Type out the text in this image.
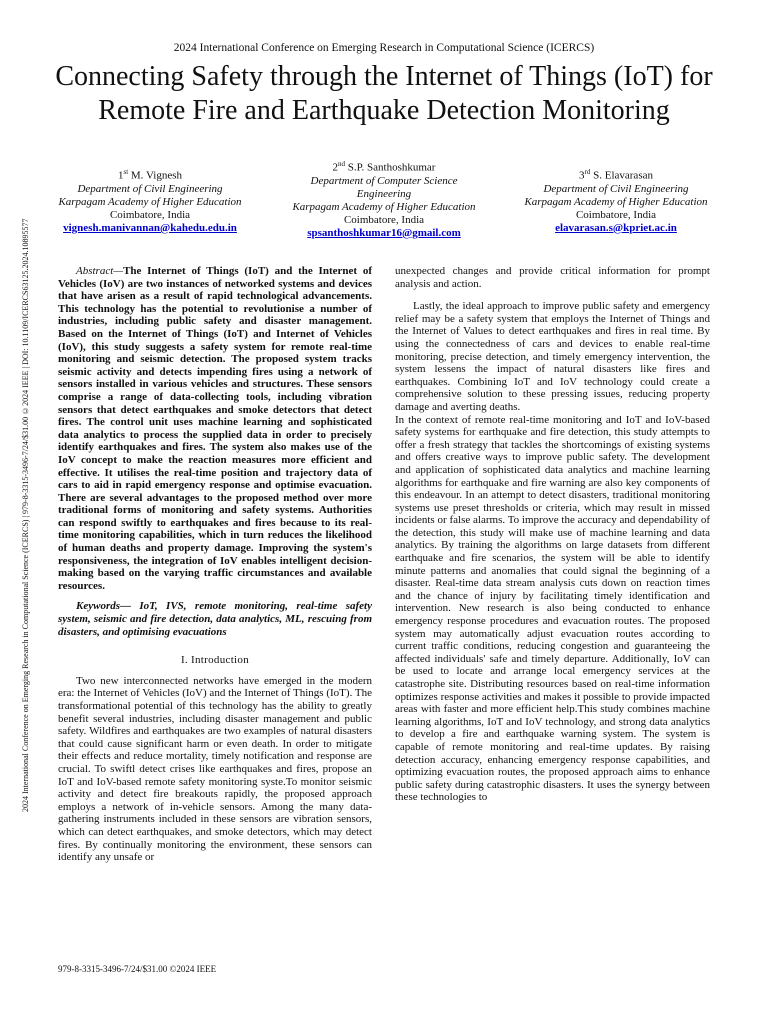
2024 International Conference on Emerging Research in Computational Science (ICERCS)
Connecting Safety through the Internet of Things (IoT) for Remote Fire and Earthquake Detection Monitoring
2024 International Conference on Emerging Research in Computational Science (ICERCS) | 979-8-3315-3496-7/24/$31.00 ©2024 IEEE | DOI: 10.1109/ICERCS63125.2024.10895577
1st M. Vignesh
Department of Civil Engineering
Karpagam Academy of Higher Education
Coimbatore, India
vignesh.manivannan@kahedu.edu.in
2nd S.P. Santhoshkumar
Department of Computer Science Engineering
Karpagam Academy of Higher Education
Coimbatore, India
spsanthoshkumar16@gmail.com
3rd S. Elavarasan
Department of Civil Engineering
Karpagam Academy of Higher Education
Coimbatore, India
elavarasan.s@kpriet.ac.in

Abstract—The Internet of Things (IoT) and the Internet of Vehicles (IoV) are two instances of networked systems and devices that have arisen as a result of rapid technological advancements. This technology has the potential to revolutionise a number of industries, including public safety and disaster management. Based on the Internet of Things (IoT) and Internet of Vehicles (IoV), this study suggests a safety system for remote real-time monitoring and seismic detection. The proposed system tracks seismic activity and detects impending fires using a network of sensors installed in various vehicles and structures. These sensors comprise a range of data-collecting tools, including vibration sensors that detect earthquakes and smoke detectors that detect fires. The control unit uses machine learning and sophisticated data analytics to process the supplied data in order to precisely identify earthquakes and fires. The system also makes use of the IoV concept to make the reaction measures more efficient and effective. It utilises the real-time position and trajectory data of cars to aid in rapid emergency response and optimise evacuation. There are several advantages to the proposed method over more traditional forms of monitoring and safety systems. Authorities can respond swiftly to earthquakes and fires because to its real-time monitoring capabilities, which in turn reduces the likelihood of human deaths and property damage. Improving the system's responsiveness, the integration of IoV enables intelligent decision-making based on the varying traffic circumstances and available resources.

Keywords— IoT, IVS, remote monitoring, real-time safety system, seismic and fire detection, data analytics, ML, rescuing from disasters, and optimising evacuations

I. Introduction

Two new interconnected networks have emerged in the modern era: the Internet of Vehicles (IoV) and the Internet of Things (IoT). The transformational potential of this technology has the ability to greatly benefit several industries, including disaster management and public safety. Wildfires and earthquakes are two examples of natural disasters that could cause significant harm or even death. In order to mitigate their effects and reduce mortality, timely notification and response are crucial. To swiftl detect crises like earthquakes and fires, propose an IoT and IoV-based remote safety monitoring syste.To monitor seismic activity and detect fire breakouts rapidly, the proposed approach employs a network of in-vehicle sensors. Among the many data-gathering instruments included in these sensors are vibration sensors, which can detect earthquakes, and smoke detectors, which may detect fires. By continually monitoring the environment, these sensors can identify any unsafe or

unexpected changes and provide critical information for prompt analysis and action.

Lastly, the ideal approach to improve public safety and emergency relief may be a safety system that employs the Internet of Things and the Internet of Values to detect earthquakes and fires in real time. By using the connectedness of cars and devices to enable real-time monitoring, precise detection, and timely emergency intervention, the system lessens the impact of natural disasters like fires and earthquakes. Combining IoT and IoV technology could create a comprehensive solution to these pressing issues, reducing property damage and averting deaths.

In the context of remote real-time monitoring and IoT and IoV-based safety systems for earthquake and fire detection, this study attempts to offer a fresh strategy that tackles the shortcomings of existing systems and offers creative ways to improve public safety. The development and application of sophisticated data analytics and machine learning algorithms for earthquake and fire warning are also key components of this endeavour. In an attempt to detect disasters, traditional monitoring systems use preset thresholds or criteria, which may result in missed incidents or false alarms. To improve the accuracy and dependability of the detection, this study will make use of machine learning and data analytics. By training the algorithms on large datasets from different earthquake and fire scenarios, the system will be able to identify minute patterns and anomalies that could signal the beginning of a disaster. Real-time data stream analysis cuts down on reaction times and the chance of injury by facilitating timely identification and intervention. New research is also being conducted to enhance emergency response procedures and evacuation routes. The proposed system may automatically adjust evacuation routes according to current traffic conditions, reducing congestion and guaranteeing the affected individuals' safe and timely departure. Additionally, IoV can be used to locate and arrange local emergency services at the catastrophe site. Distributing resources based on real-time information optimizes response activities and makes it possible to provide impacted areas with faster and more efficient help.This study combines machine learning algorithms, IoT and IoV technology, and strong data analytics to develop a fire and earthquake warning system. The system is capable of remote monitoring and real-time updates. By raising detection accuracy, enhancing emergency response capabilities, and optimizing evacuation routes, the proposed approach aims to enhance public safety during catastrophic disasters. It uses the synergy between these technologies to

979-8-3315-3496-7/24/$31.00 ©2024 IEEE
